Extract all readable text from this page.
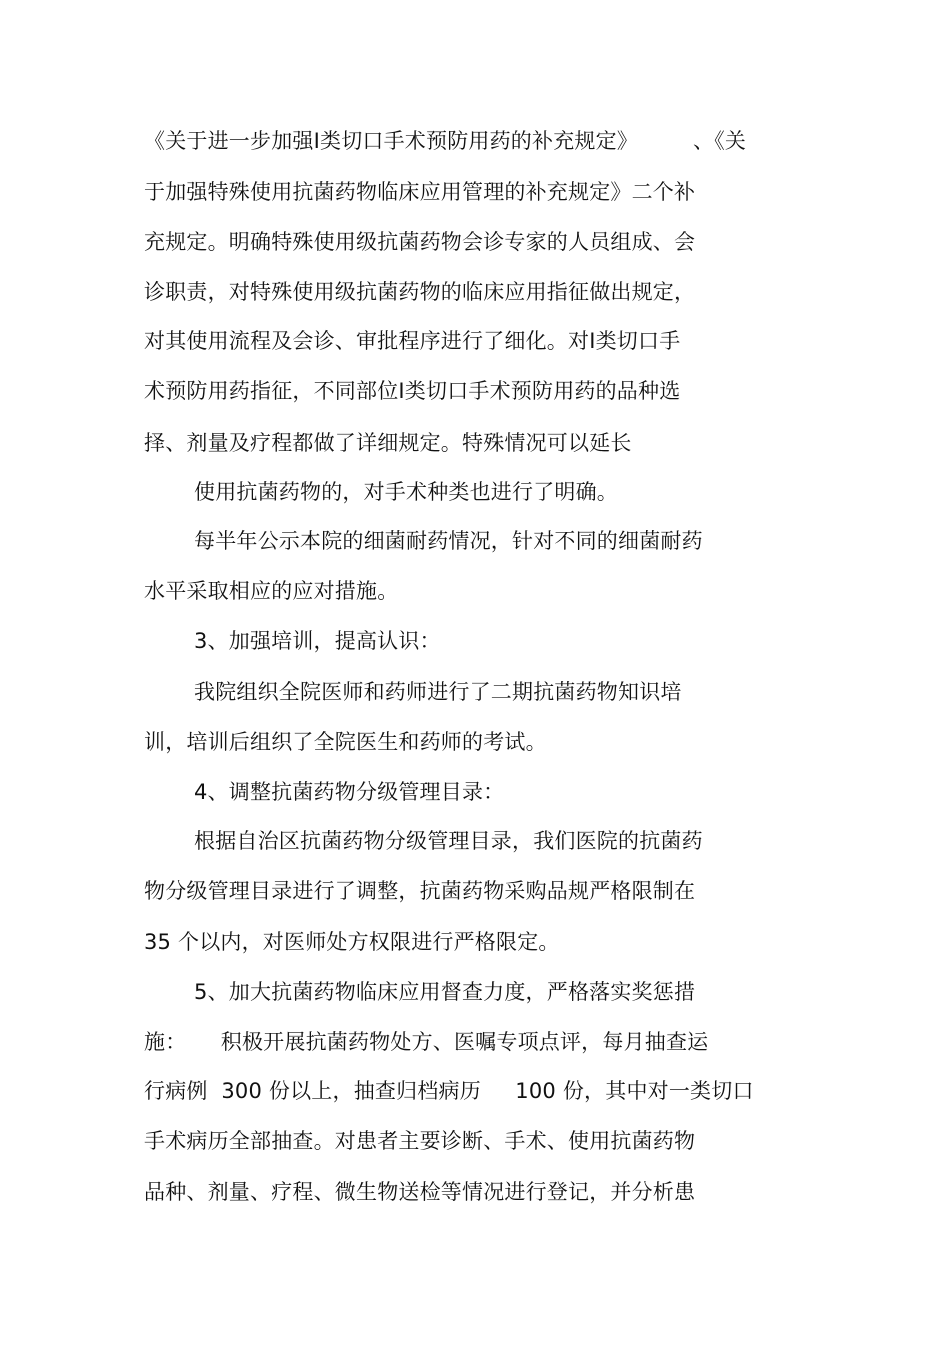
《关于进一步加强Ⅰ类切口手术预防用药的补充规定》        、《关
于加强特殊使用抗菌药物临床应用管理的补充规定》二个补
充规定。明确特殊使用级抗菌药物会诊专家的人员组成、会
诊职责，对特殊使用级抗菌药物的临床应用指征做出规定，
对其使用流程及会诊、审批程序进行了细化。对Ⅰ类切口手
术预防用药指征，不同部位Ⅰ类切口手术预防用药的品种选
择、剂量及疗程都做了详细规定。特殊情况可以延长
使用抗菌药物的，对手术种类也进行了明确。
每半年公示本院的细菌耐药情况，针对不同的细菌耐药
水平采取相应的应对措施。
3、加强培训，提高认识：
我院组织全院医师和药师进行了二期抗菌药物知识培
训，培训后组织了全院医生和药师的考试。
4、调整抗菌药物分级管理目录：
根据自治区抗菌药物分级管理目录，我们医院的抗菌药
物分级管理目录进行了调整，抗菌药物采购品规严格限制在
35 个以内，对医师处方权限进行严格限定。
5、加大抗菌药物临床应用督查力度，严格落实奖惩措
施：     积极开展抗菌药物处方、医嘱专项点评，每月抽查运
行病例  300 份以上，抽查归档病历     100 份，其中对一类切口
手术病历全部抽查。对患者主要诊断、手术、使用抗菌药物
品种、剂量、疗程、微生物送检等情况进行登记，并分析患
